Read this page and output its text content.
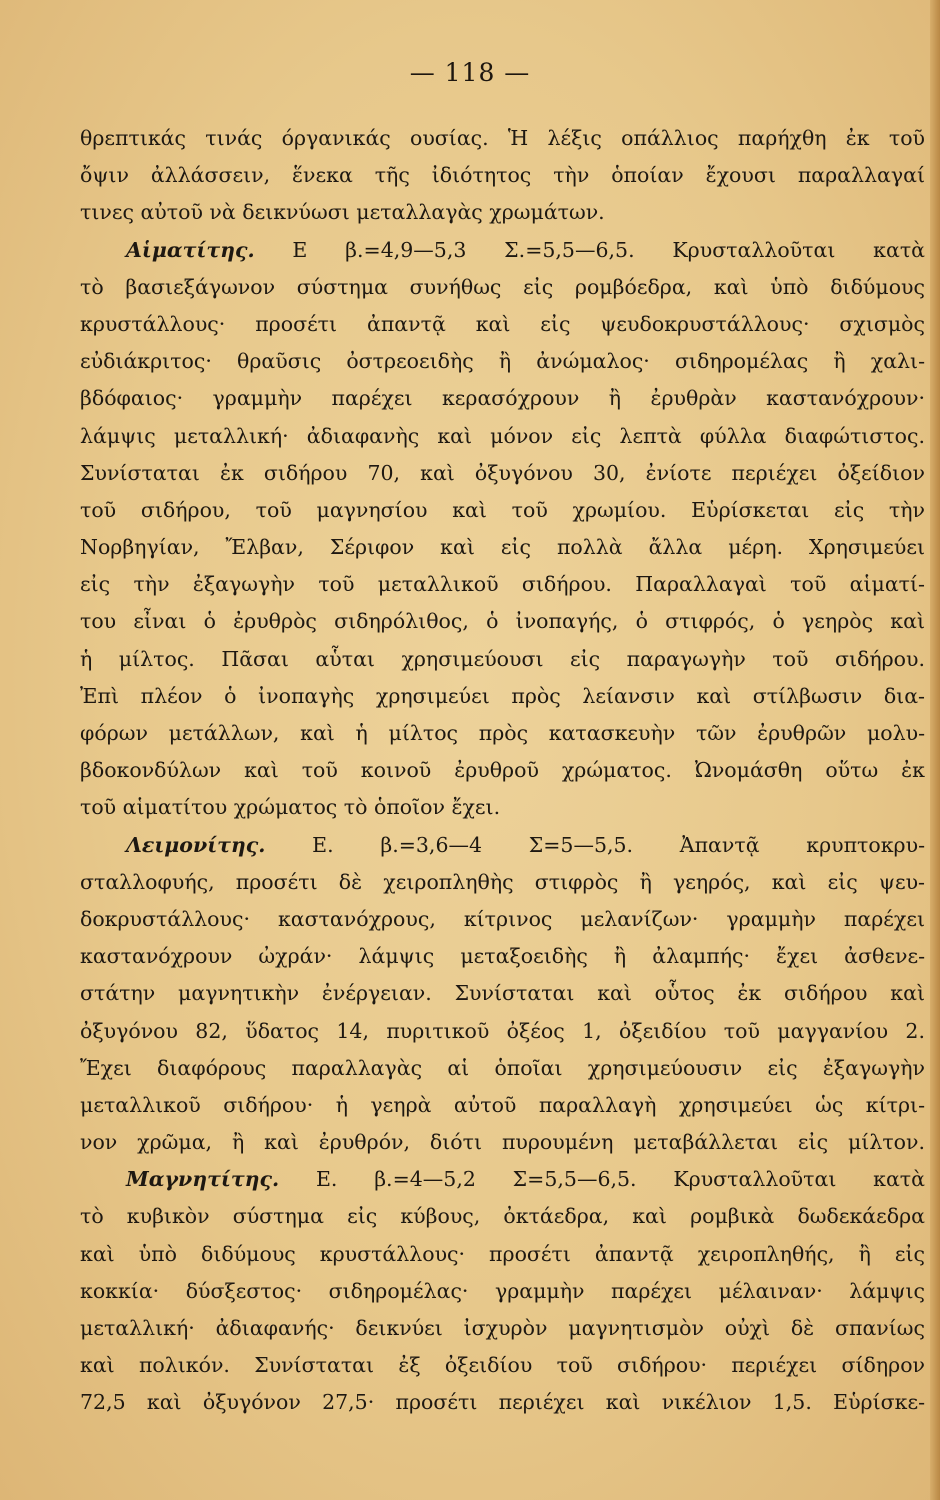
— 118 —
θρεπτικάς τινάς όργανικάς ουσίας. Ἡ λέξις οπάλλιος παρήχθη ἐκ τοῦ
ὄψιν ἀλλάσσειν, ἕνεκα τῆς ἰδιότητος τὴν ὁποίαν ἔχουσι παραλλαγαί
τινες αὐτοῦ νὰ δεικνύωσι μεταλλαγὰς χρωμάτων.
Αἱματίτης. Ε β.=4,9—5,3 Σ.=5,5—6,5. Κρυσταλλοῦται κατὰ
τὸ βασιεξάγωνον σύστημα συνήθως εἰς ρομβόεδρα, καὶ ὑπὸ διδύμους
κρυστάλλους· προσέτι ἀπαντᾷ καὶ εἰς ψευδοκρυστάλλους· σχισμὸς
εὐδιάκριτος· θραῦσις ὀστρεοειδὴς ἢ ἀνώμαλος· σιδηρομέλας ἢ χαλι-
βδόφαιος· γραμμὴν παρέχει κερασόχρουν ἢ ἐρυθρὰν καστανόχρουν·
λάμψις μεταλλική· ἀδιαφανὴς καὶ μόνον εἰς λεπτὰ φύλλα διαφώτιστος.
Συνίσταται ἐκ σιδήρου 70, καὶ ὀξυγόνου 30, ἐνίοτε περιέχει ὀξείδιον
τοῦ σιδήρου, τοῦ μαγνησίου καὶ τοῦ χρωμίου. Εὑρίσκεται εἰς τὴν
Νορβηγίαν, Ἔλβαν, Σέριφον καὶ εἰς πολλὰ ἄλλα μέρη. Χρησιμεύει
εἰς τὴν ἐξαγωγὴν τοῦ μεταλλικοῦ σιδήρου. Παραλλαγαὶ τοῦ αἱματί-
του εἶναι ὁ ἐρυθρὸς σιδηρόλιθος, ὁ ἰνοπαγής, ὁ στιφρός, ὁ γεηρὸς καὶ
ἡ μίλτος. Πᾶσαι αὗται χρησιμεύουσι εἰς παραγωγὴν τοῦ σιδήρου.
Ἐπὶ πλέον ὁ ἰνοπαγὴς χρησιμεύει πρὸς λείανσιν καὶ στίλβωσιν δια-
φόρων μετάλλων, καὶ ἡ μίλτος πρὸς κατασκευὴν τῶν ἐρυθρῶν μολυ-
βδοκονδύλων καὶ τοῦ κοινοῦ ἐρυθροῦ χρώματος. Ὠνομάσθη οὕτω ἐκ
τοῦ αἱματίτου χρώματος τὸ ὁποῖον ἔχει.
Λειμονίτης. Ε. β.=3,6—4 Σ=5—5,5. Ἀπαντᾷ κρυπτοκρυ-
σταλλοφυής, προσέτι δὲ χειροπληθὴς στιφρὸς ἢ γεηρός, καὶ εἰς ψευ-
δοκρυστάλλους· καστανόχρους, κίτρινος μελανίζων· γραμμὴν παρέχει
καστανόχρουν ὠχράν· λάμψις μεταξοειδὴς ἢ ἀλαμπής· ἔχει ἀσθενε-
στάτην μαγνητικὴν ἐνέργειαν. Συνίσταται καὶ οὗτος ἐκ σιδήρου καὶ
ὀξυγόνου 82, ὕδατος 14, πυριτικοῦ ὀξέος 1, ὀξειδίου τοῦ μαγγανίου 2.
Ἔχει διαφόρους παραλλαγὰς αἱ ὁποῖαι χρησιμεύουσιν εἰς ἐξαγωγὴν
μεταλλικοῦ σιδήρου· ἡ γεηρὰ αὐτοῦ παραλλαγὴ χρησιμεύει ὡς κίτρι-
νον χρῶμα, ἢ καὶ ἐρυθρόν, διότι πυρουμένη μεταβάλλεται εἰς μίλτον.
Μαγνητίτης. Ε. β.=4—5,2 Σ=5,5—6,5. Κρυσταλλοῦται κατὰ
τὸ κυβικὸν σύστημα εἰς κύβους, ὀκτάεδρα, καὶ ρομβικὰ δωδεκάεδρα
καὶ ὑπὸ διδύμους κρυστάλλους· προσέτι ἀπαντᾷ χειροπληθής, ἢ εἰς
κοκκία· δύσξεστος· σιδηρομέλας· γραμμὴν παρέχει μέλαιναν· λάμψις
μεταλλική· ἀδιαφανής· δεικνύει ἰσχυρὸν μαγνητισμὸν οὐχὶ δὲ σπανίως
καὶ πολικόν. Συνίσταται ἐξ ὀξειδίου τοῦ σιδήρου· περιέχει σίδηρον
72,5 καὶ ὀξυγόνον 27,5· προσέτι περιέχει καὶ νικέλιον 1,5. Εὑρίσκε-
